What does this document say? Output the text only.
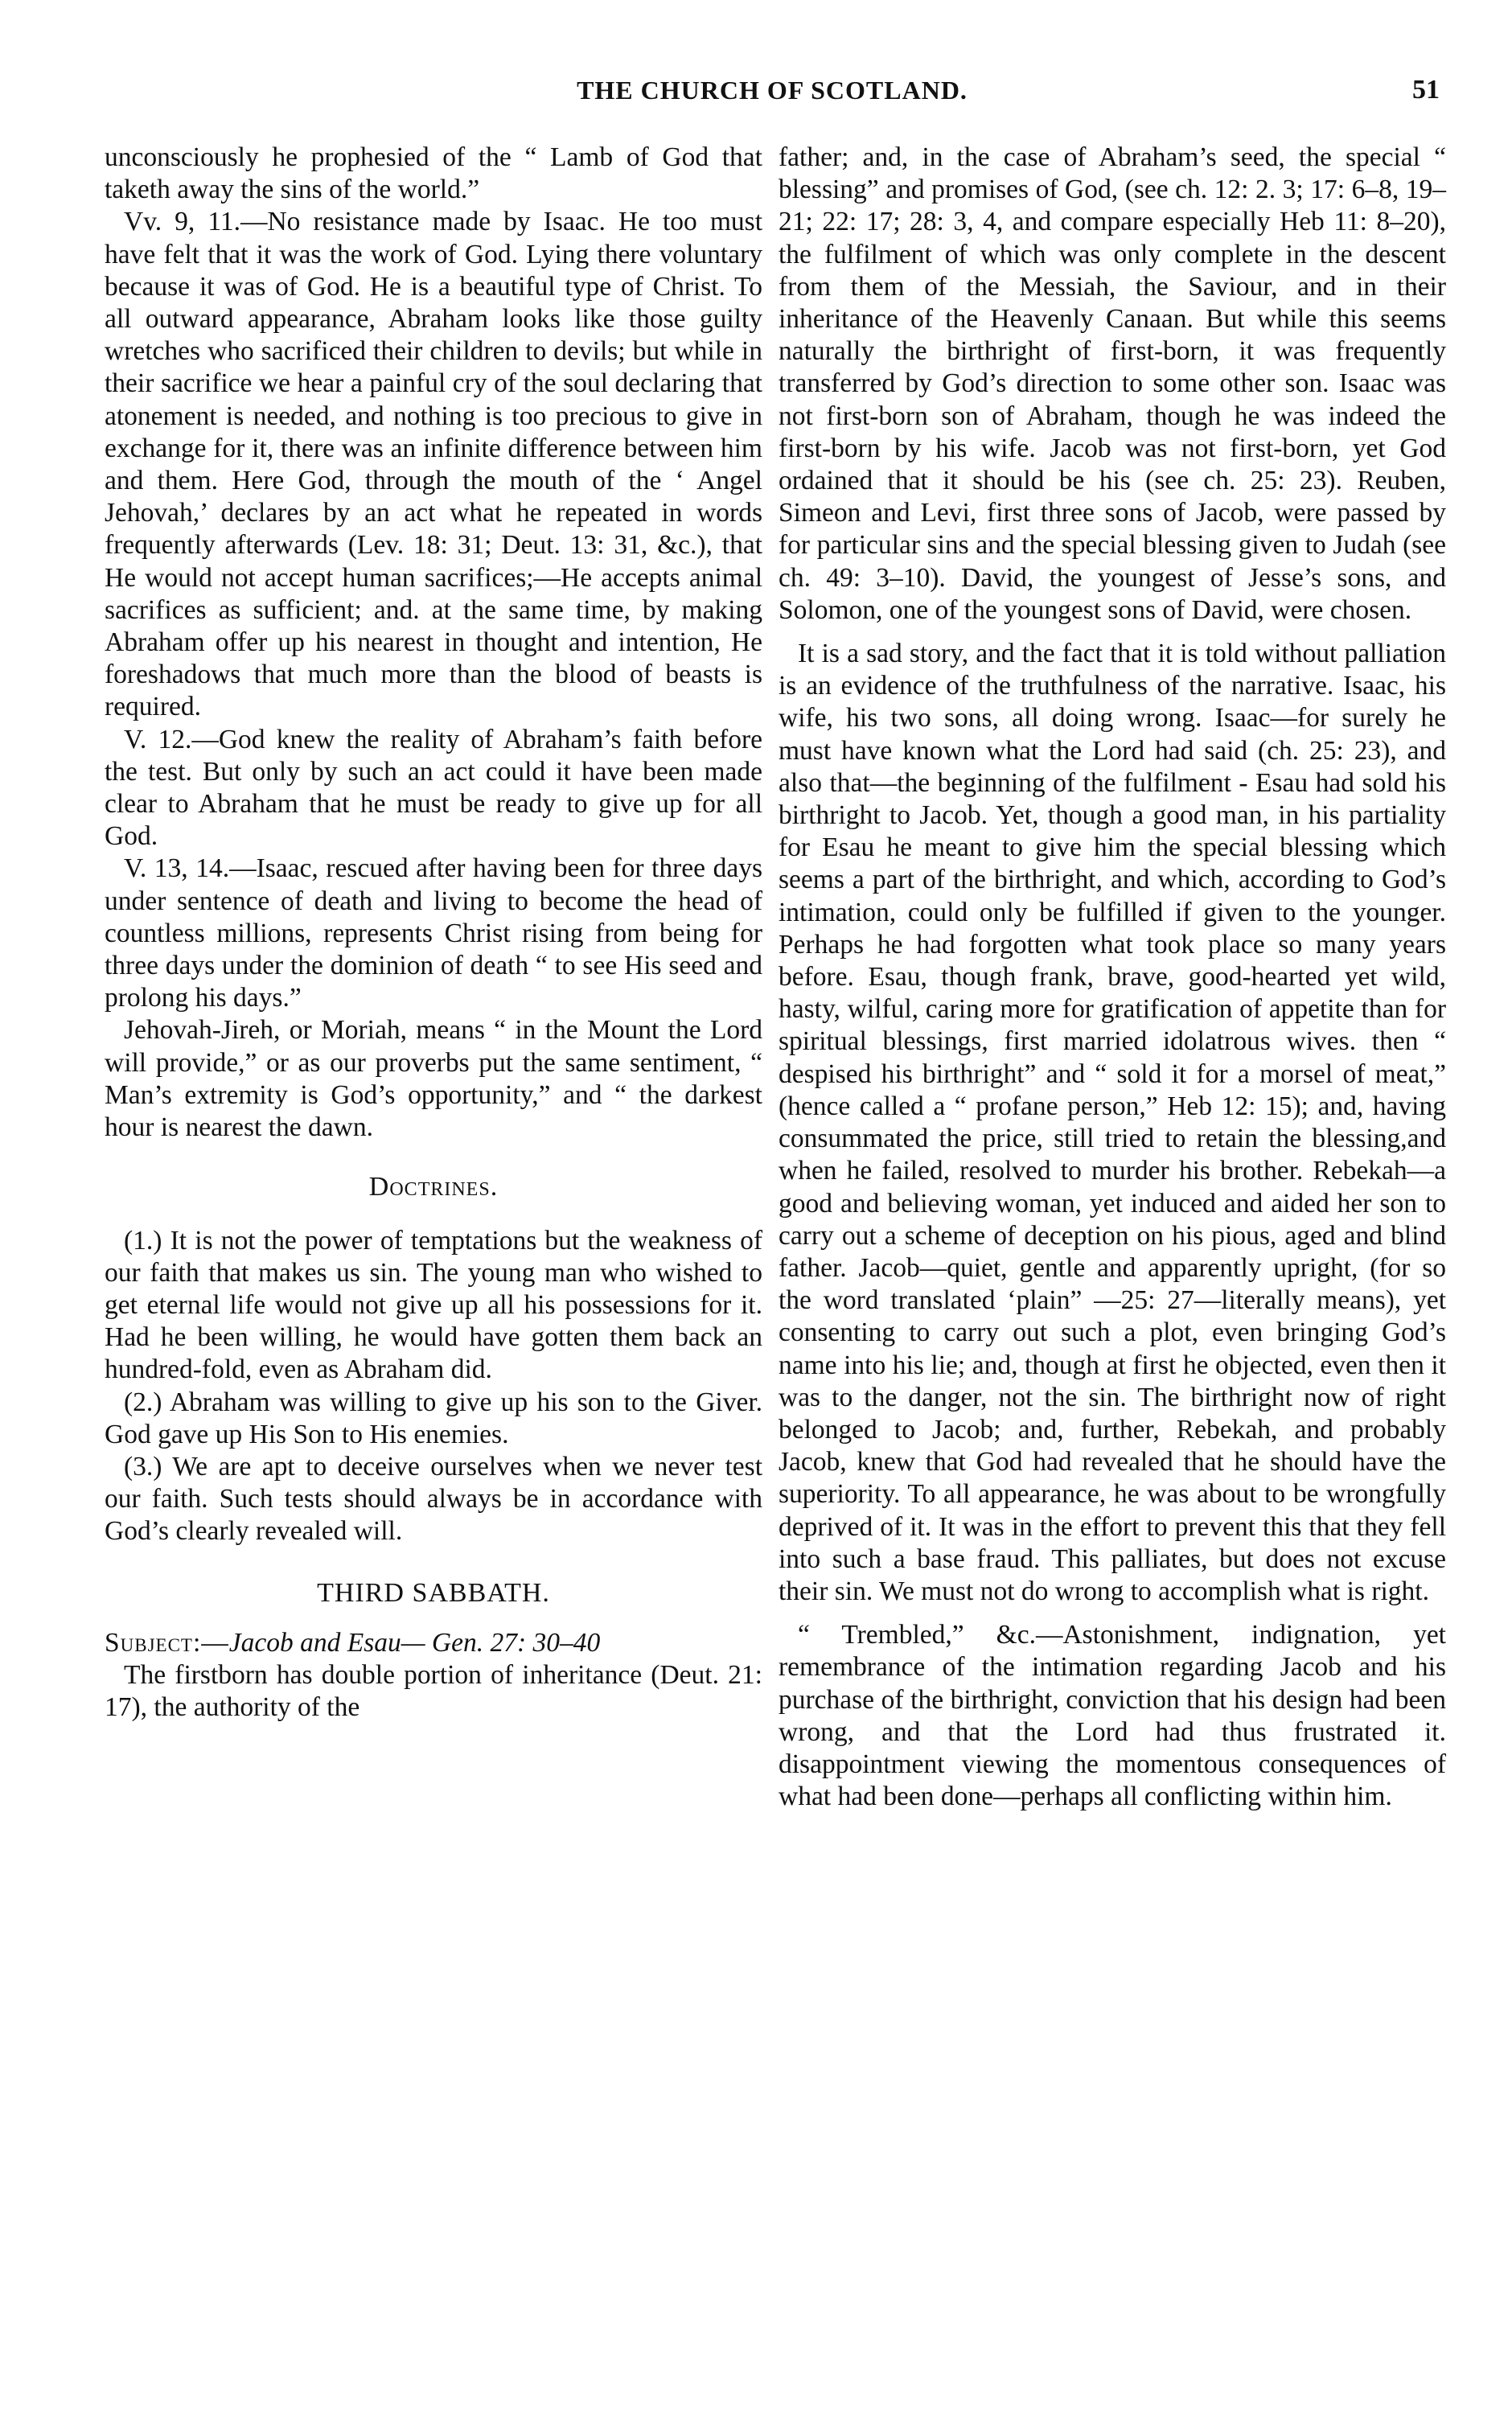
THE CHURCH OF SCOTLAND.	51

unconsciously he prophesied of the “ Lamb of God that taketh away the sins of the world.”

Vv. 9, 11.—No resistance made by Isaac. He too must have felt that it was the work of God. Lying there voluntary because it was of God. He is a beautiful type of Christ. To all outward appearance, Abraham looks like those guilty wretches who sacrificed their children to devils; but while in their sacrifice we hear a painful cry of the soul declaring that atonement is needed, and nothing is too precious to give in exchange for it, there was an infinite difference between him and them. Here God, through the mouth of the ‘ Angel Jehovah,’ declares by an act what he repeated in words frequently afterwards (Lev. 18: 31; Deut. 13: 31, &c.), that He would not accept human sacrifices;—He accepts animal sacrifices as sufficient; and. at the same time, by making Abraham offer up his nearest in thought and intention, He foreshadows that much more than the blood of beasts is required.

V. 12.—God knew the reality of Abraham’s faith before the test. But only by such an act could it have been made clear to Abraham that he must be ready to give up for all God.

V. 13, 14.—Isaac, rescued after having been for three days under sentence of death and living to become the head of countless millions, represents Christ rising from being for three days under the dominion of death “ to see His seed and prolong his days.”

Jehovah-Jireh, or Moriah, means “ in the Mount the Lord will provide,” or as our proverbs put the same sentiment, “ Man’s extremity is God’s opportunity,” and “ the darkest hour is nearest the dawn.

Doctrines.

(1.) It is not the power of temptations but the weakness of our faith that makes us sin. The young man who wished to get eternal life would not give up all his possessions for it. Had he been willing, he would have gotten them back an hundred-fold, even as Abraham did.

(2.) Abraham was willing to give up his son to the Giver. God gave up His Son to His enemies.

(3.) We are apt to deceive ourselves when we never test our faith. Such tests should always be in accordance with God’s clearly revealed will.

THIRD SABBATH.

Subject:—Jacob and Esau— Gen. 27: 30–40

The firstborn has double portion of inheritance (Deut. 21: 17), the authority of the

father; and, in the case of Abraham’s seed, the special “ blessing” and promises of God, (see ch. 12: 2. 3; 17: 6–8, 19–21; 22: 17; 28: 3, 4, and compare especially Heb 11: 8–20), the fulfilment of which was only complete in the descent from them of the Messiah, the Saviour, and in their inheritance of the Heavenly Canaan. But while this seems naturally the birthright of first-born, it was frequently transferred by God’s direction to some other son. Isaac was not first-born son of Abraham, though he was indeed the first-born by his wife. Jacob was not first-born, yet God ordained that it should be his (see ch. 25: 23). Reuben, Simeon and Levi, first three sons of Jacob, were passed by for particular sins and the special blessing given to Judah (see ch. 49: 3–10). David, the youngest of Jesse’s sons, and Solomon, one of the youngest sons of David, were chosen.

It is a sad story, and the fact that it is told without palliation is an evidence of the truthfulness of the narrative. Isaac, his wife, his two sons, all doing wrong. Isaac—for surely he must have known what the Lord had said (ch. 25: 23), and also that—the beginning of the fulfilment - Esau had sold his birthright to Jacob. Yet, though a good man, in his partiality for Esau he meant to give him the special blessing which seems a part of the birthright, and which, according to God’s intimation, could only be fulfilled if given to the younger. Perhaps he had forgotten what took place so many years before. Esau, though frank, brave, good-hearted yet wild, hasty, wilful, caring more for gratification of appetite than for spiritual blessings, first married idolatrous wives. then “ despised his birthright” and “ sold it for a morsel of meat,” (hence called a “ profane person,” Heb 12: 15); and, having consummated the price, still tried to retain the blessing,and when he failed, resolved to murder his brother. Rebekah—a good and believing woman, yet induced and aided her son to carry out a scheme of deception on his pious, aged and blind father. Jacob—quiet, gentle and apparently upright, (for so the word translated ‘plain” —25: 27—literally means), yet consenting to carry out such a plot, even bringing God’s name into his lie; and, though at first he objected, even then it was to the danger, not the sin. The birthright now of right belonged to Jacob; and, further, Rebekah, and probably Jacob, knew that God had revealed that he should have the superiority. To all appearance, he was about to be wrongfully deprived of it. It was in the effort to prevent this that they fell into such a base fraud. This palliates, but does not excuse their sin. We must not do wrong to accomplish what is right.

“ Trembled,” &c.—Astonishment, indignation, yet remembrance of the intimation regarding Jacob and his purchase of the birthright, conviction that his design had been wrong, and that the Lord had thus frustrated it. disappointment viewing the momentous consequences of what had been done—perhaps all conflicting within him.
